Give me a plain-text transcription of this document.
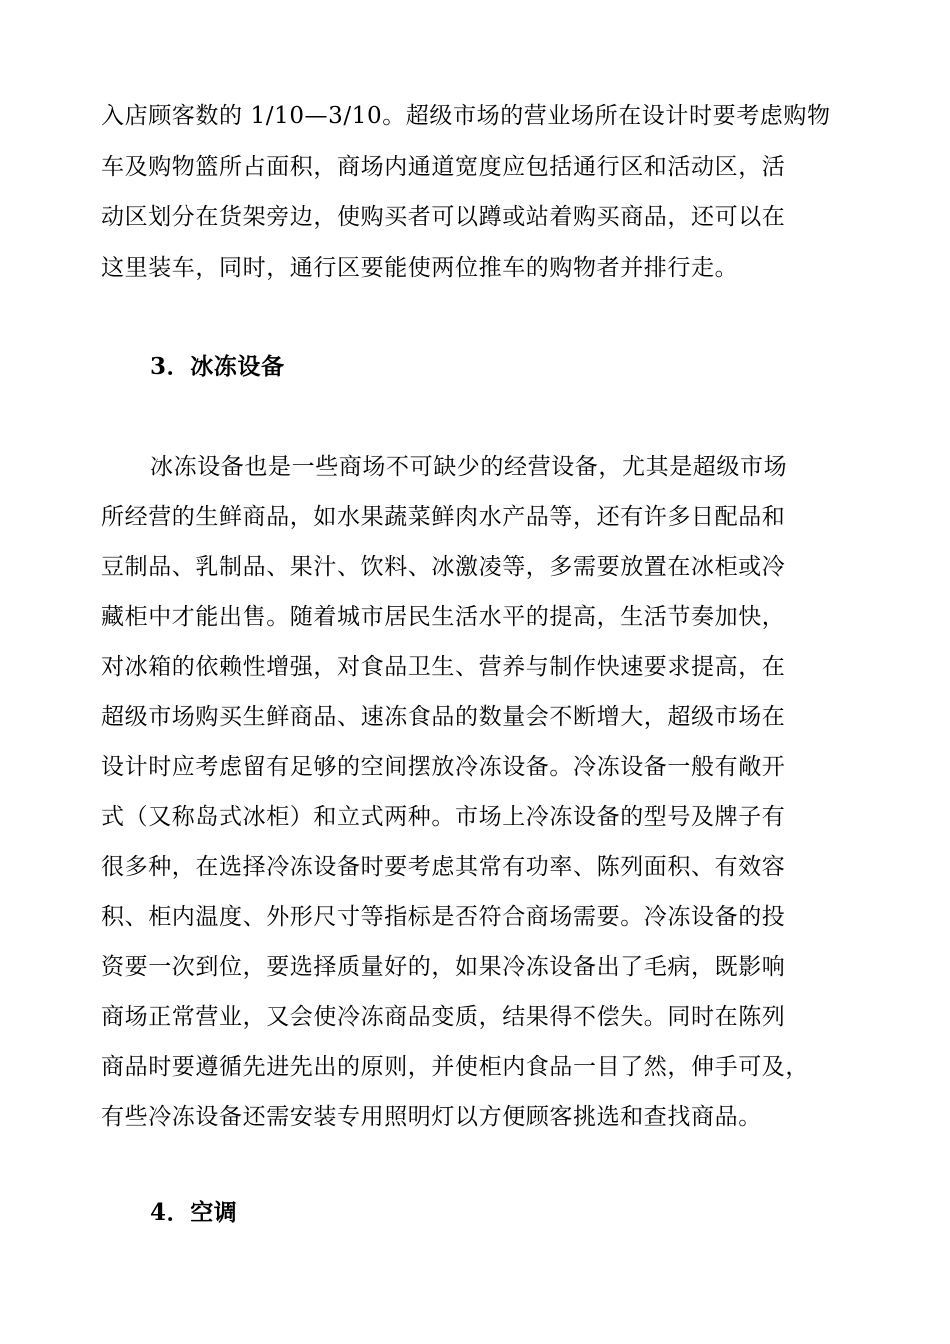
入店顾客数的 1/10—3/10。超级市场的营业场所在设计时要考虑购物
车及购物篮所占面积，商场内通道宽度应包括通行区和活动区，活
动区划分在货架旁边，使购买者可以蹲或站着购买商品，还可以在
这里装车，同时，通行区要能使两位推车的购物者并排行走。
3．冰冻设备
冰冻设备也是一些商场不可缺少的经营设备，尤其是超级市场
所经营的生鲜商品，如水果蔬菜鲜肉水产品等，还有许多日配品和
豆制品、乳制品、果汁、饮料、冰激凌等，多需要放置在冰柜或冷
藏柜中才能出售。随着城市居民生活水平的提高，生活节奏加快，
对冰箱的依赖性增强，对食品卫生、营养与制作快速要求提高，在
超级市场购买生鲜商品、速冻食品的数量会不断增大，超级市场在
设计时应考虑留有足够的空间摆放冷冻设备。冷冻设备一般有敞开
式（又称岛式冰柜）和立式两种。市场上冷冻设备的型号及牌子有
很多种，在选择冷冻设备时要考虑其常有功率、陈列面积、有效容
积、柜内温度、外形尺寸等指标是否符合商场需要。冷冻设备的投
资要一次到位，要选择质量好的，如果冷冻设备出了毛病，既影响
商场正常营业，又会使冷冻商品变质，结果得不偿失。同时在陈列
商品时要遵循先进先出的原则，并使柜内食品一目了然，伸手可及，
有些冷冻设备还需安装专用照明灯以方便顾客挑选和查找商品。
4．空调
